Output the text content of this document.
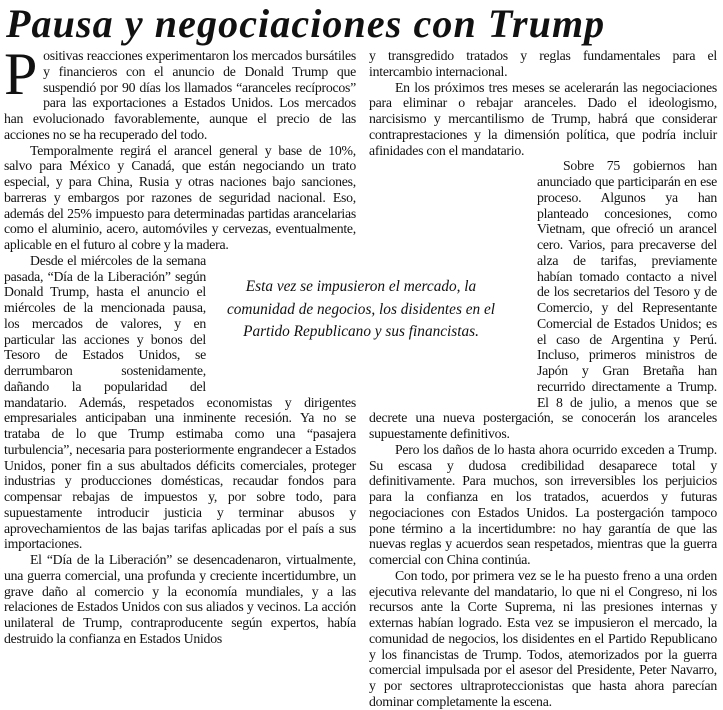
Pausa y negociaciones con Trump

Positivas reacciones experimentaron los mercados bursátiles y financieros con el anuncio de Donald Trump que suspendió por 90 días los llamados “aranceles recíprocos” para las exportaciones a Estados Unidos. Los mercados han evolucionado favorablemente, aunque el precio de las acciones no se ha recuperado del todo.

Temporalmente regirá el arancel general y base de 10%, salvo para México y Canadá, que están negociando un trato especial, y para China, Rusia y otras naciones bajo sanciones, barreras y embargos por razones de seguridad nacional. Eso, además del 25% impuesto para determinadas partidas arancelarias como el aluminio, acero, automóviles y cervezas, eventualmente, aplicable en el futuro al cobre y la madera.

Desde el miércoles de la semana pasada, “Día de la Liberación” según Donald Trump, hasta el anuncio el miércoles de la mencionada pausa, los mercados de valores, y en particular las acciones y bonos del Tesoro de Estados Unidos, se derrumbaron sostenidamente, dañando la popularidad del mandatario. Además, respetados economistas y dirigentes empresariales anticipaban una inminente recesión. Ya no se trataba de lo que Trump estimaba como una “pasajera turbulencia”, necesaria para posteriormente engrandecer a Estados Unidos, poner fin a sus abultados déficits comerciales, proteger industrias y producciones domésticas, recaudar fondos para compensar rebajas de impuestos y, por sobre todo, para supuestamente introducir justicia y terminar abusos y aprovechamientos de las bajas tarifas aplicadas por el país a sus importaciones.

El “Día de la Liberación” se desencadenaron, virtualmente, una guerra comercial, una profunda y creciente incertidumbre, un grave daño al comercio y la economía mundiales, y a las relaciones de Estados Unidos con sus aliados y vecinos. La acción unilateral de Trump, contraproducente según expertos, había destruido la confianza en Estados Unidos

y transgredido tratados y reglas fundamentales para el intercambio internacional.

En los próximos tres meses se acelerarán las negociaciones para eliminar o rebajar aranceles. Dado el ideologismo, narcisismo y mercantilismo de Trump, habrá que considerar contraprestaciones y la dimensión política, que podría incluir afinidades con el mandatario.

Sobre 75 gobiernos han anunciado que participarán en ese proceso. Algunos ya han planteado concesiones, como Vietnam, que ofreció un arancel cero. Varios, para precaverse del alza de tarifas, previamente habían tomado contacto a nivel de los secretarios del Tesoro y de Comercio, y del Representante Comercial de Estados Unidos; es el caso de Argentina y Perú. Incluso, primeros ministros de Japón y Gran Bretaña han recurrido directamente a Trump. El 8 de julio, a menos que se decrete una nueva postergación, se conocerán los aranceles supuestamente definitivos.

Pero los daños de lo hasta ahora ocurrido exceden a Trump. Su escasa y dudosa credibilidad desaparece total y definitivamente. Para muchos, son irreversibles los perjuicios para la confianza en los tratados, acuerdos y futuras negociaciones con Estados Unidos. La postergación tampoco pone término a la incertidumbre: no hay garantía de que las nuevas reglas y acuerdos sean respetados, mientras que la guerra comercial con China continúa.

Con todo, por primera vez se le ha puesto freno a una orden ejecutiva relevante del mandatario, lo que ni el Congreso, ni los recursos ante la Corte Suprema, ni las presiones internas y externas habían logrado. Esta vez se impusieron el mercado, la comunidad de negocios, los disidentes en el Partido Republicano y los financistas de Trump. Todos, atemorizados por la guerra comercial impulsada por el asesor del Presidente, Peter Navarro, y por sectores ultraproteccionistas que hasta ahora parecían dominar completamente la escena.

Esta vez se impusieron el mercado, la comunidad de negocios, los disidentes en el Partido Republicano y sus financistas.
